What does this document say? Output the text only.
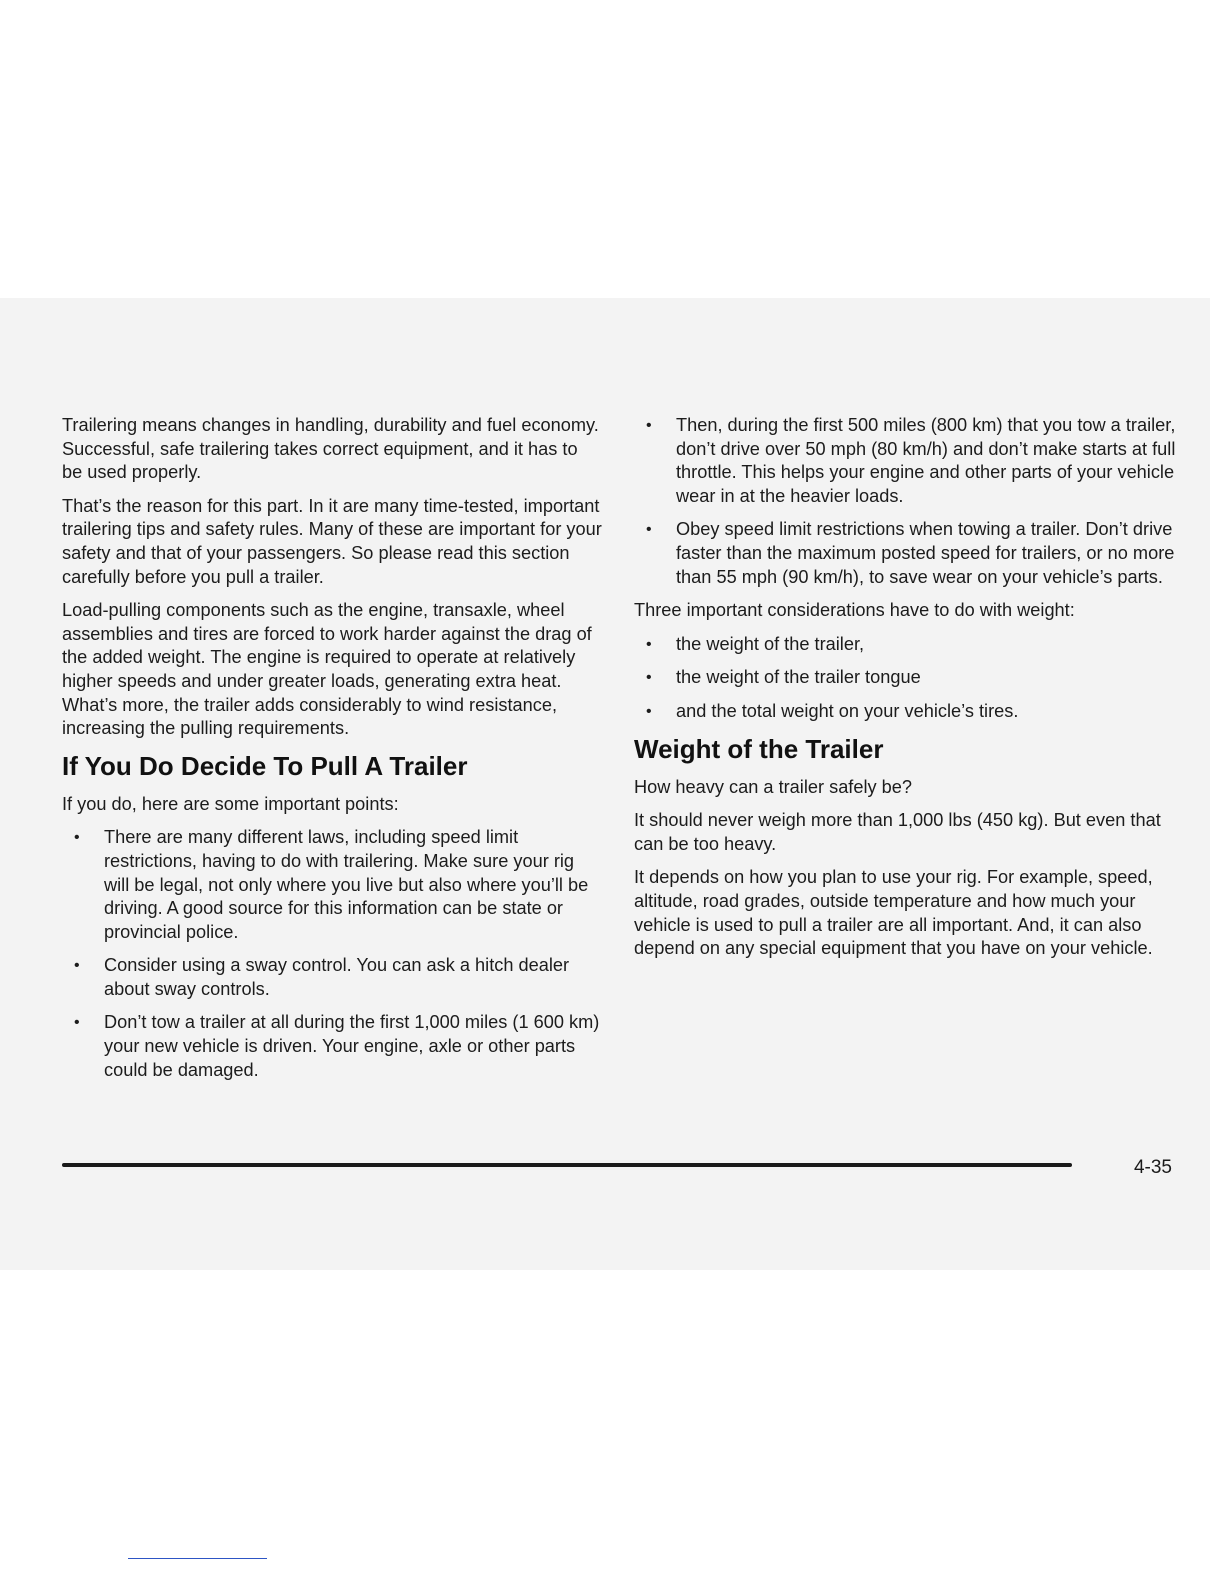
Trailering means changes in handling, durability and fuel economy. Successful, safe trailering takes correct equipment, and it has to be used properly.

That’s the reason for this part. In it are many time-tested, important trailering tips and safety rules. Many of these are important for your safety and that of your passengers. So please read this section carefully before you pull a trailer.

Load-pulling components such as the engine, transaxle, wheel assemblies and tires are forced to work harder against the drag of the added weight. The engine is required to operate at relatively higher speeds and under greater loads, generating extra heat. What’s more, the trailer adds considerably to wind resistance, increasing the pulling requirements.

If You Do Decide To Pull A Trailer

If you do, here are some important points:

• There are many different laws, including speed limit restrictions, having to do with trailering. Make sure your rig will be legal, not only where you live but also where you’ll be driving. A good source for this information can be state or provincial police.
• Consider using a sway control. You can ask a hitch dealer about sway controls.
• Don’t tow a trailer at all during the first 1,000 miles (1 600 km) your new vehicle is driven. Your engine, axle or other parts could be damaged.
• Then, during the first 500 miles (800 km) that you tow a trailer, don’t drive over 50 mph (80 km/h) and don’t make starts at full throttle. This helps your engine and other parts of your vehicle wear in at the heavier loads.
• Obey speed limit restrictions when towing a trailer. Don’t drive faster than the maximum posted speed for trailers, or no more than 55 mph (90 km/h), to save wear on your vehicle’s parts.

Three important considerations have to do with weight:

• the weight of the trailer,
• the weight of the trailer tongue
• and the total weight on your vehicle’s tires.
Weight of the Trailer

How heavy can a trailer safely be?

It should never weigh more than 1,000 lbs (450 kg). But even that can be too heavy.

It depends on how you plan to use your rig. For example, speed, altitude, road grades, outside temperature and how much your vehicle is used to pull a trailer are all important. And, it can also depend on any special equipment that you have on your vehicle.

4-35
